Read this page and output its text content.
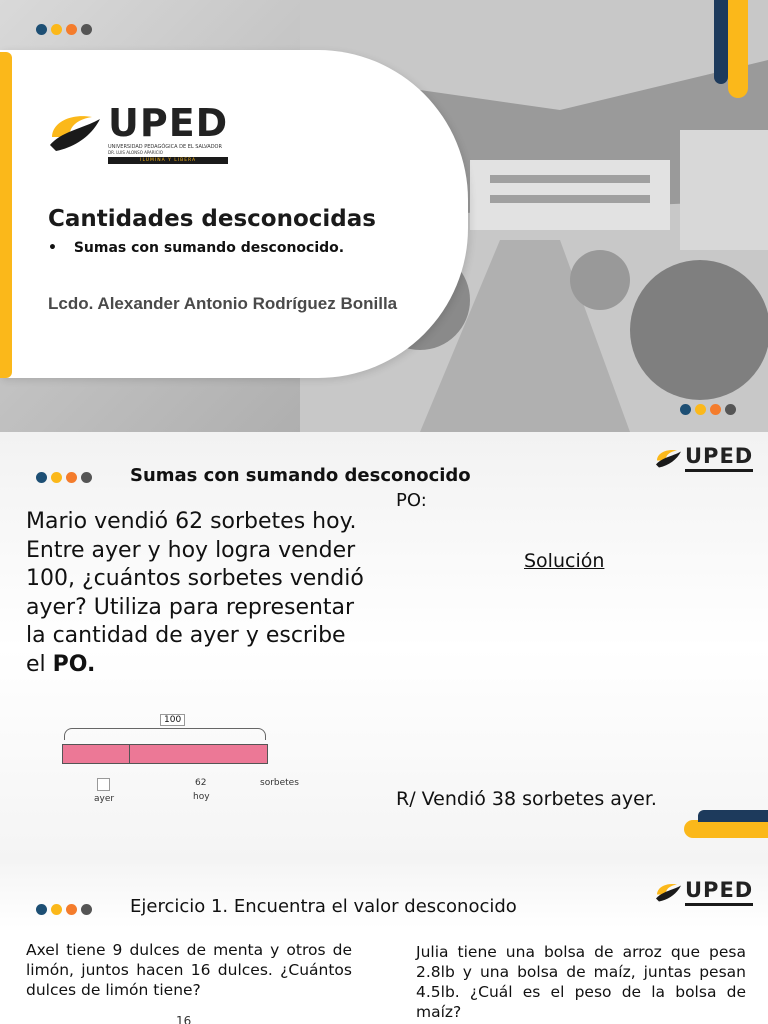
UPED
UNIVERSIDAD PEDAGÓGICA DE EL SALVADOR
DR. LUIS ALONSO APARICIO
ILUMINA Y LIBERA
Cantidades desconocidas
• Sumas con sumando desconocido.
Lcdo. Alexander Antonio Rodríguez Bonilla
Sumas con sumando desconocido
UPED
Mario vendió 62 sorbetes hoy. Entre ayer y hoy logra vender 100, ¿cuántos sorbetes vendió ayer? Utiliza para representar la cantidad de ayer y escribe el PO.
PO:
Solución
R/ Vendió 38 sorbetes ayer.
100
62	sorbetes
ayer	hoy
Ejercicio 1. Encuentra el valor desconocido
UPED
Axel tiene 9 dulces de menta y otros de limón, juntos hacen 16 dulces. ¿Cuántos dulces de limón tiene?
16
Julia tiene una bolsa de arroz que pesa 2.8lb y una bolsa de maíz, juntas pesan 4.5lb. ¿Cuál es el peso de la bolsa de maíz?
